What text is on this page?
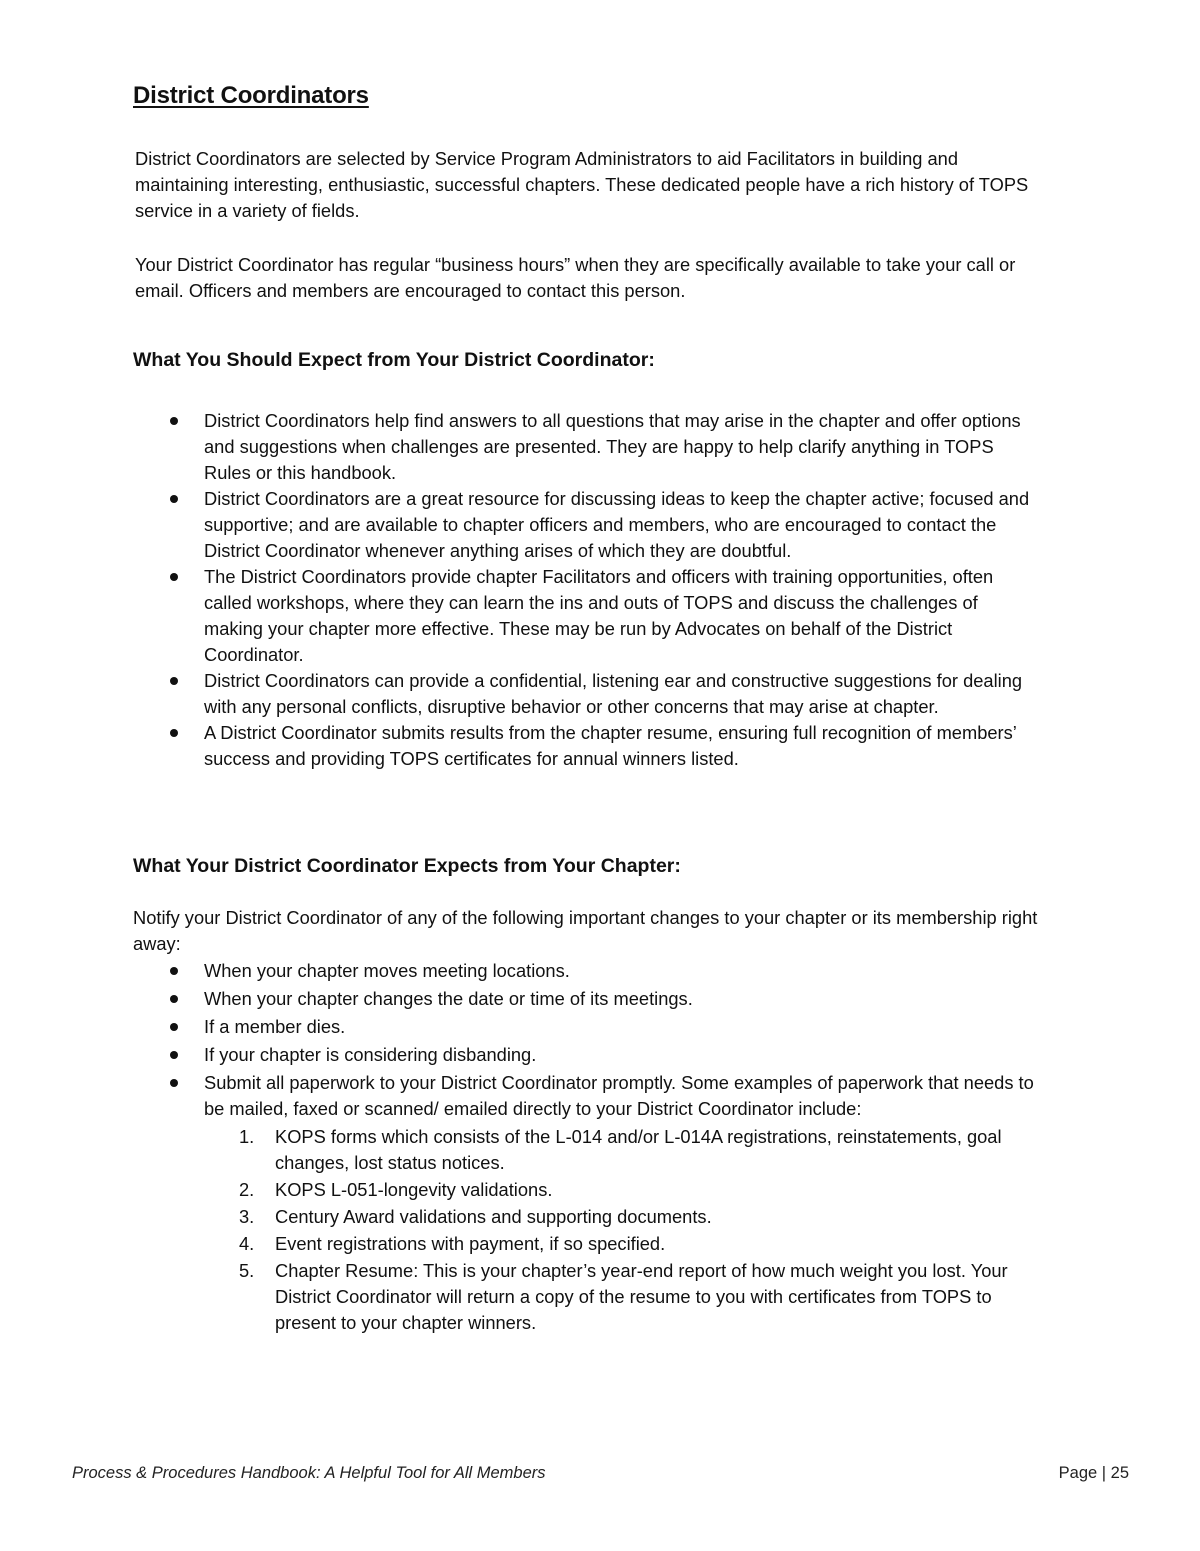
District Coordinators

District Coordinators are selected by Service Program Administrators to aid Facilitators in building and maintaining interesting, enthusiastic, successful chapters. These dedicated people have a rich history of TOPS service in a variety of fields.

Your District Coordinator has regular “business hours” when they are specifically available to take your call or email. Officers and members are encouraged to contact this person.

What You Should Expect from Your District Coordinator:
District Coordinators help find answers to all questions that may arise in the chapter and offer options and suggestions when challenges are presented. They are happy to help clarify anything in TOPS Rules or this handbook.
District Coordinators are a great resource for discussing ideas to keep the chapter active; focused and supportive; and are available to chapter officers and members, who are encouraged to contact the District Coordinator whenever anything arises of which they are doubtful.
The District Coordinators provide chapter Facilitators and officers with training opportunities, often called workshops, where they can learn the ins and outs of TOPS and discuss the challenges of making your chapter more effective. These may be run by Advocates on behalf of the District Coordinator.
District Coordinators can provide a confidential, listening ear and constructive suggestions for dealing with any personal conflicts, disruptive behavior or other concerns that may arise at chapter.
A District Coordinator submits results from the chapter resume, ensuring full recognition of members’ success and providing TOPS certificates for annual winners listed.
What Your District Coordinator Expects from Your Chapter:

Notify your District Coordinator of any of the following important changes to your chapter or its membership right away:

When your chapter moves meeting locations.
When your chapter changes the date or time of its meetings.
If a member dies.
If your chapter is considering disbanding.
Submit all paperwork to your District Coordinator promptly. Some examples of paperwork that needs to be mailed, faxed or scanned/ emailed directly to your District Coordinator include:
1. KOPS forms which consists of the L-014 and/or L-014A registrations, reinstatements, goal changes, lost status notices.
2. KOPS L-051-longevity validations.
3. Century Award validations and supporting documents.
4. Event registrations with payment, if so specified.
5. Chapter Resume: This is your chapter’s year-end report of how much weight you lost. Your District Coordinator will return a copy of the resume to you with certificates from TOPS to present to your chapter winners.
Process & Procedures Handbook: A Helpful Tool for All Members	Page | 25
